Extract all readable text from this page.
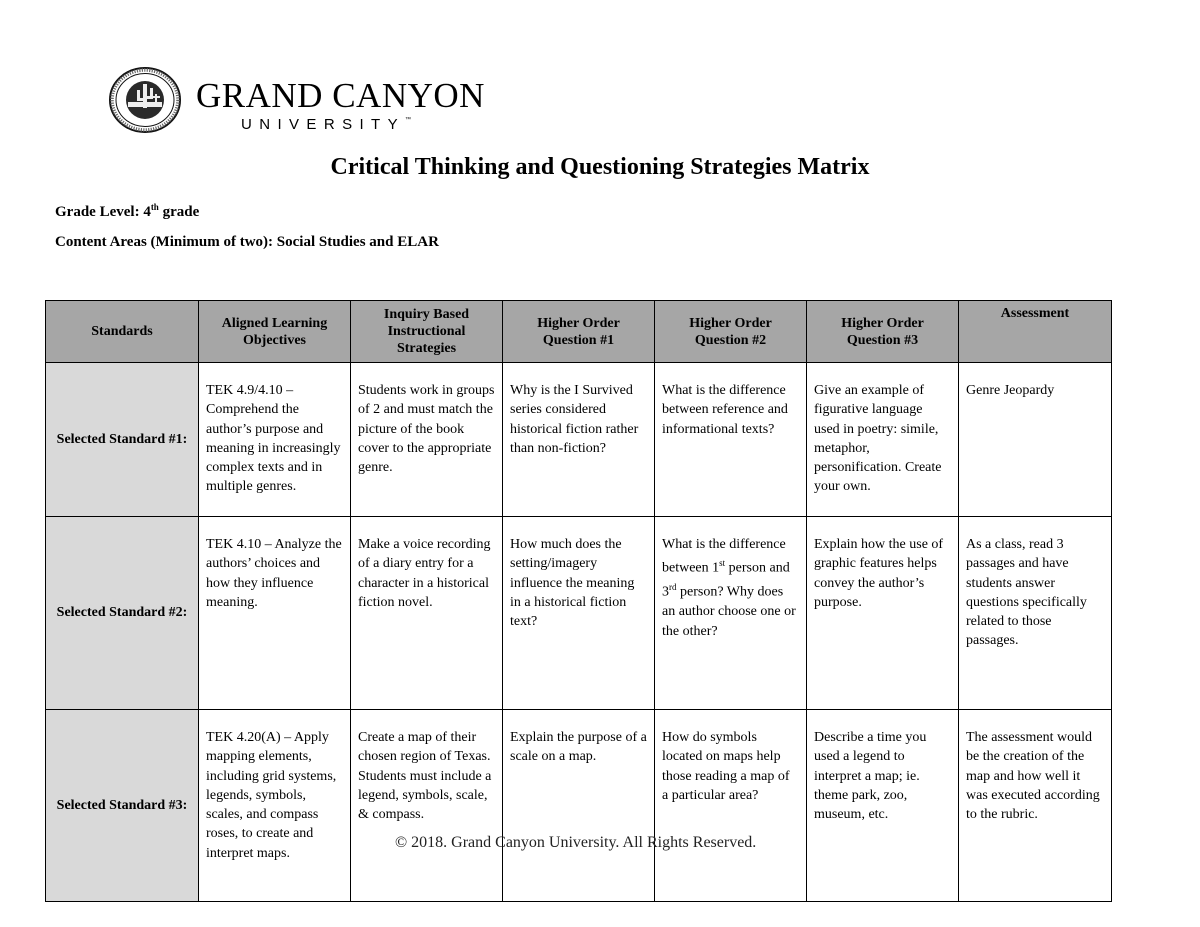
GRAND CANYON
UNIVERSITY™
Critical Thinking and Questioning Strategies Matrix
Grade Level: 4th grade
Content Areas (Minimum of two): Social Studies and ELAR
Standards	Aligned Learning Objectives	Inquiry Based Instructional Strategies	Higher Order Question #1	Higher Order Question #2	Higher Order Question #3	Assessment
Selected Standard #1:	TEK 4.9/4.10 – Comprehend the author’s purpose and meaning in increasingly complex texts and in multiple genres.	Students work in groups of 2 and must match the picture of the book cover to the appropriate genre.	Why is the I Survived series considered historical fiction rather than non-fiction?	What is the difference between reference and informational texts?	Give an example of figurative language used in poetry: simile, metaphor, personification. Create your own.	Genre Jeopardy
Selected Standard #2:	TEK 4.10 – Analyze the authors’ choices and how they influence meaning.	Make a voice recording of a diary entry for a character in a historical fiction novel.	How much does the setting/imagery influence the meaning in a historical fiction text?	What is the difference between 1st person and 3rd person? Why does an author choose one or the other?	Explain how the use of graphic features helps convey the author’s purpose.	As a class, read 3 passages and have students answer questions specifically related to those passages.
Selected Standard #3:	TEK 4.20(A) – Apply mapping elements, including grid systems, legends, symbols, scales, and compass roses, to create and interpret maps.	Create a map of their chosen region of Texas. Students must include a legend, symbols, scale, & compass.	Explain the purpose of a scale on a map.	How do symbols located on maps help those reading a map of a particular area?	Describe a time you used a legend to interpret a map; ie. theme park, zoo, museum, etc.	The assessment would be the creation of the map and how well it was executed according to the rubric.
© 2018. Grand Canyon University. All Rights Reserved.
